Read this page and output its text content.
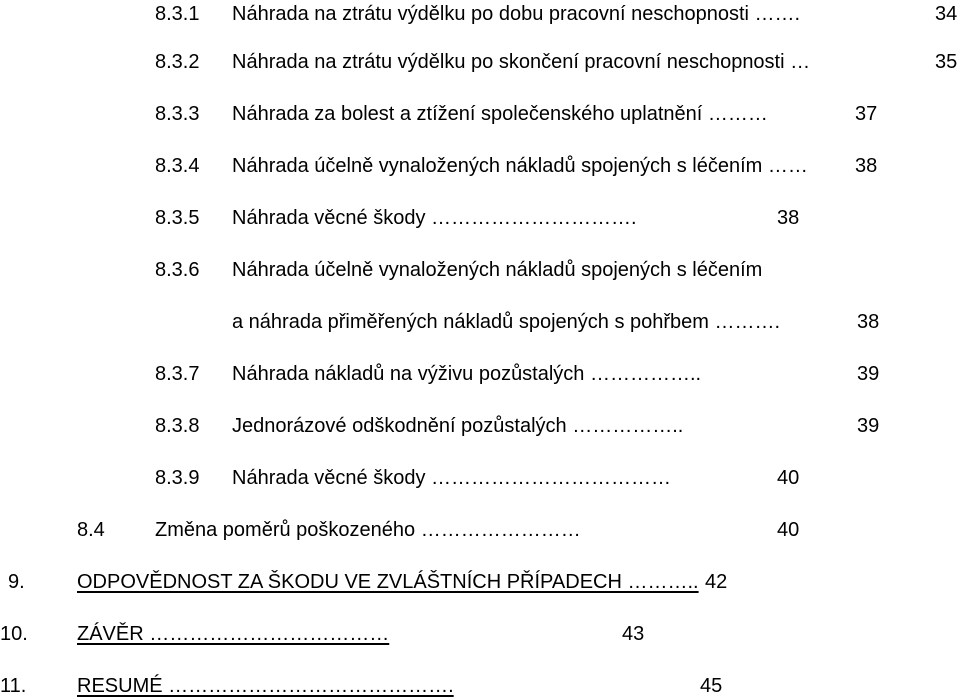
8.3.1 Náhrada na ztrátu výdělku po dobu pracovní neschopnosti …….	34
8.3.2 Náhrada na ztrátu výdělku po skončení pracovní neschopnosti …	35
8.3.3 Náhrada za bolest a ztížení společenského uplatnění ………	37
8.3.4 Náhrada účelně vynaložených nákladů spojených s léčením …… 38
8.3.5 Náhrada věcné škody ………………………….	38
8.3.6 Náhrada účelně vynaložených nákladů spojených s léčením
a náhrada přiměřených nákladů spojených s pohřbem ……….	38
8.3.7 Náhrada nákladů na výživu pozůstalých ……………..	39
8.3.8 Jednorázové odškodnění pozůstalých ……………..	39
8.3.9 Náhrada věcné škody ………………………………	40
8.4	Změna poměrů poškozeného ……………………	40
9.	ODPOVĚDNOST ZA ŠKODU VE ZVLÁŠTNÍCH PŘÍPADECH ……….. 42
10. ZÁVĚR ………………………………	43
11.	RESUMÉ …………………………………….	45
